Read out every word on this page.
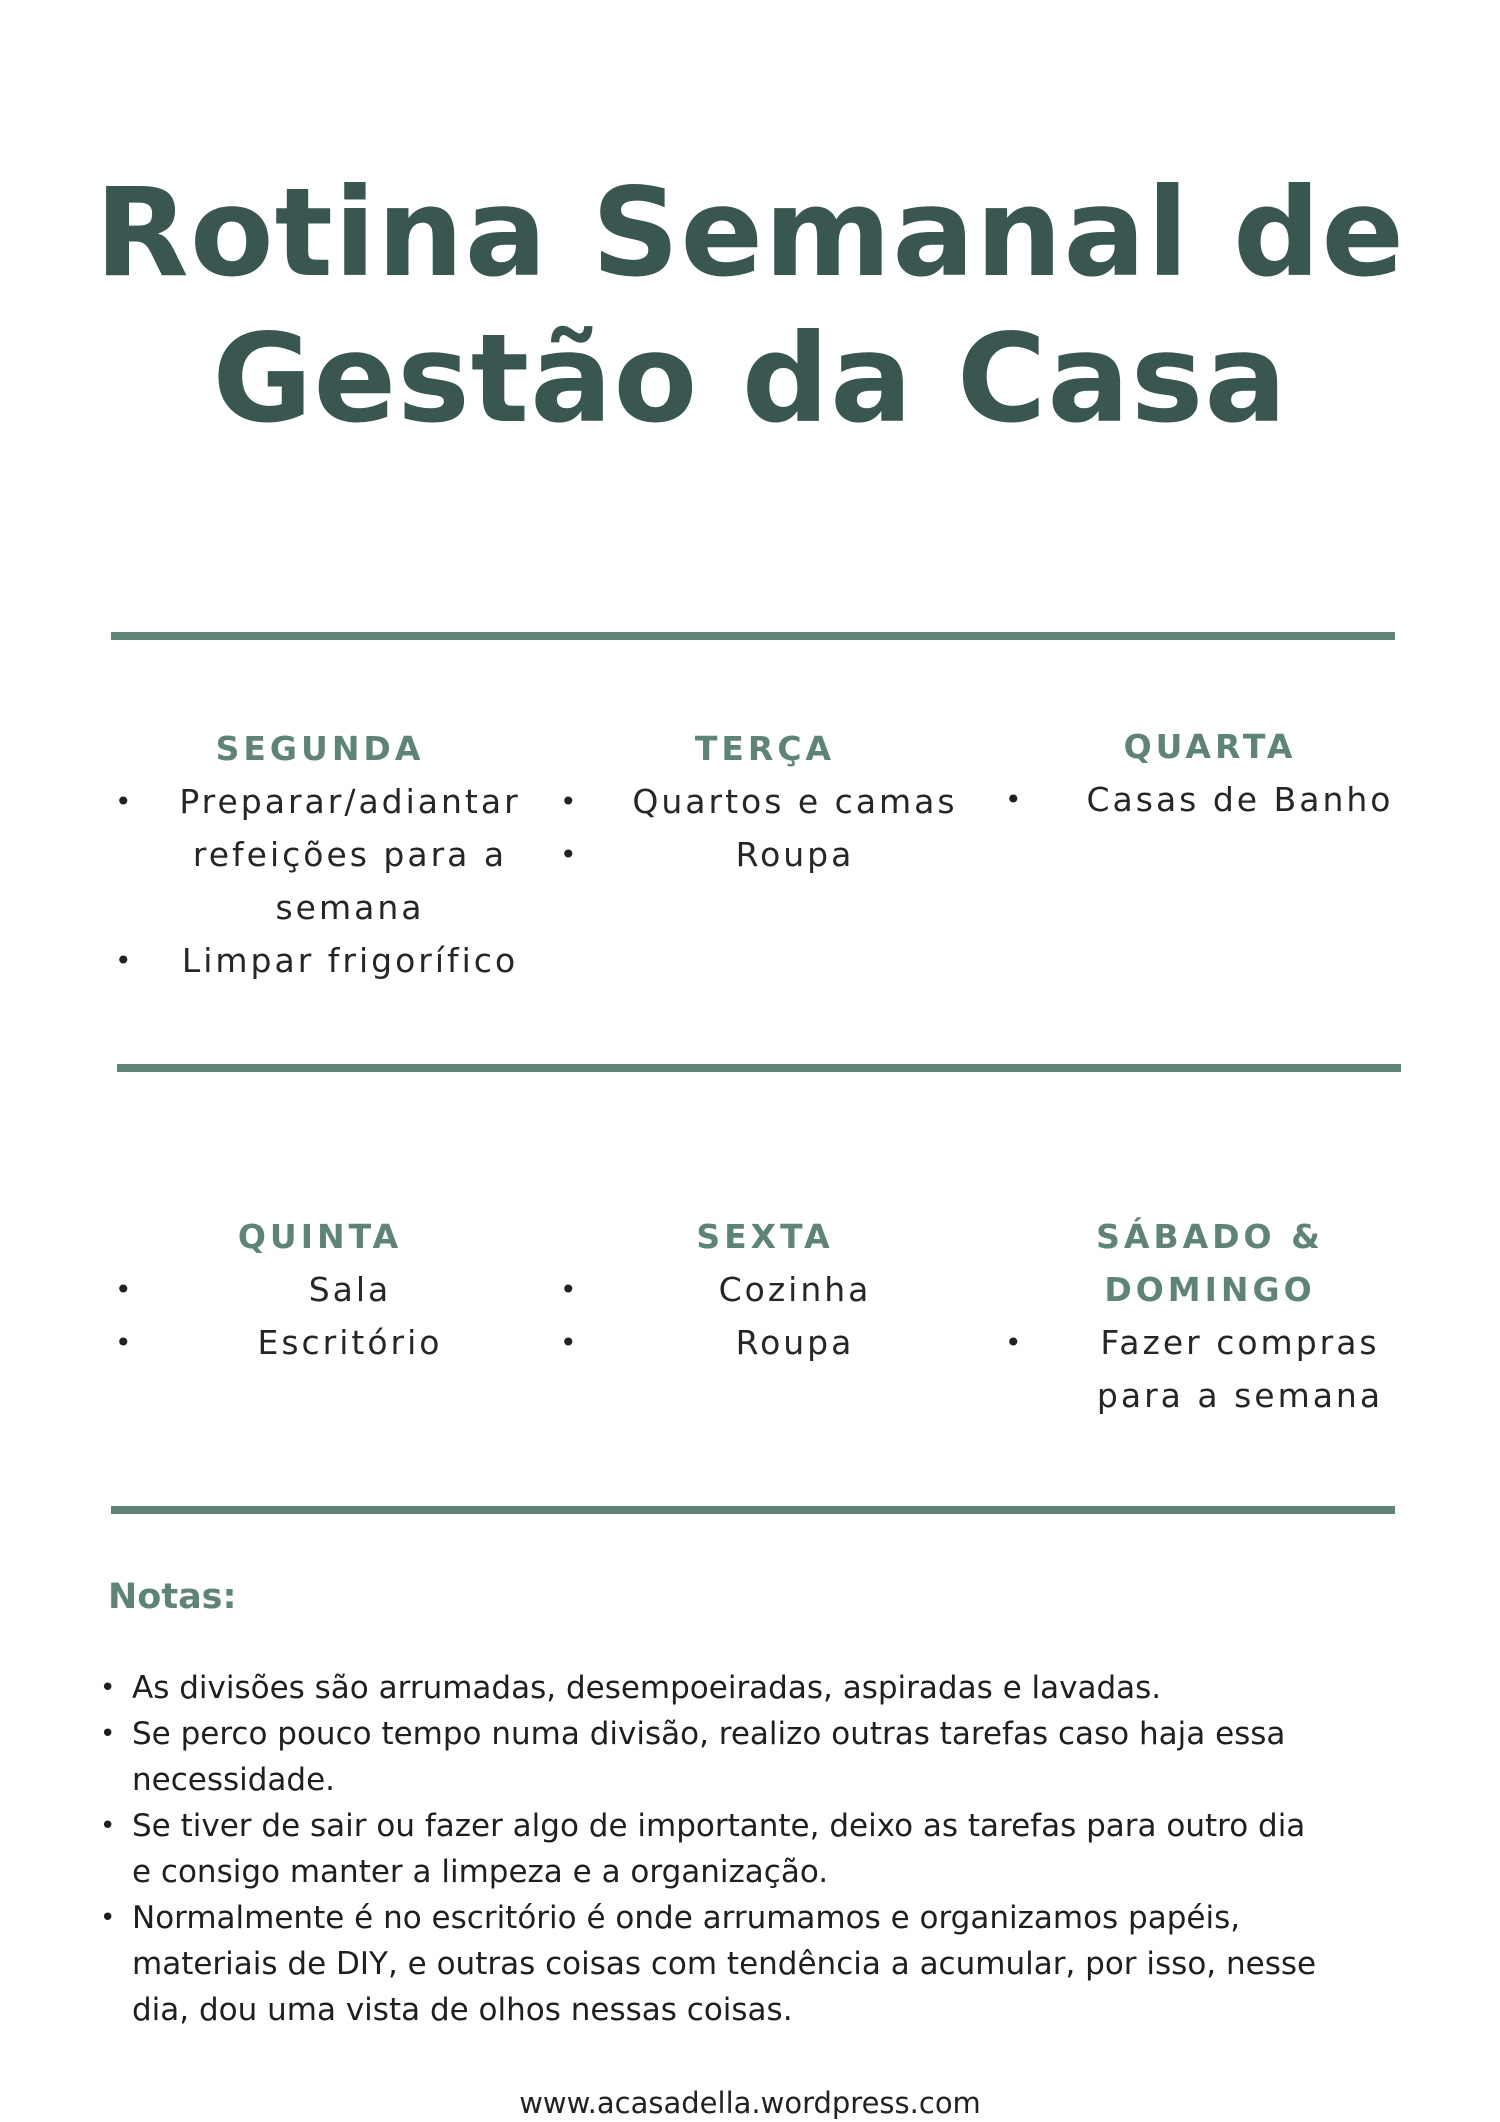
Rotina Semanal de
Gestão da Casa
SEGUNDA
• Preparar/adiantar refeições para a semana
• Limpar frigorífico
TERÇA
• Quartos e camas
•	Roupa
QUARTA
• Casas de Banho
QUINTA
•	Sala
•	Escritório
SEXTA
•	Cozinha
•	Roupa
SÁBADO & DOMINGO
• Fazer compras para a semana
Notas:
• As divisões são arrumadas, desempoeiradas, aspiradas e lavadas.
• Se perco pouco tempo numa divisão, realizo outras tarefas caso haja essa necessidade.
• Se tiver de sair ou fazer algo de importante, deixo as tarefas para outro dia e consigo manter a limpeza e a organização.
• Normalmente é no escritório é onde arrumamos e organizamos papéis, materiais de DIY, e outras coisas com tendência a acumular, por isso, nesse dia, dou uma vista de olhos nessas coisas.
www.acasadella.wordpress.com
